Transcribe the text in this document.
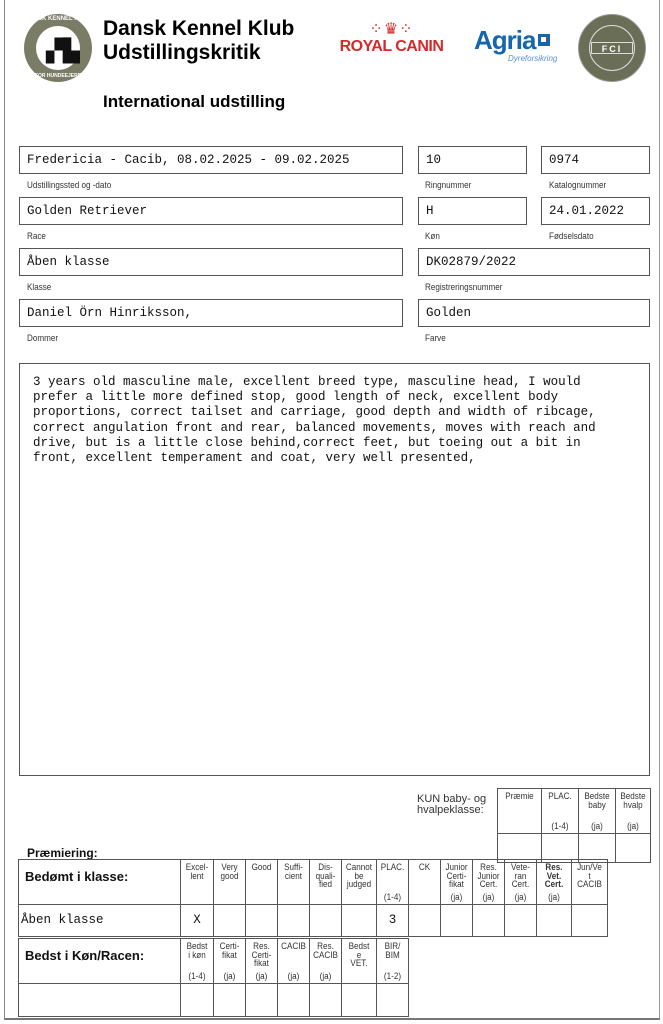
DANSK KENNEL KLUB
▞▙
FOR HUNDEEJERE
Dansk Kennel Klub
Udstillingskritik
International udstilling
⁘♛⁘
ROYAL CANIN Agria
Dyreforsikring
FCI
Fredericia - Cacib, 08.02.2025 - 09.02.2025
Udstillingssted og -dato
10
Ringnummer
0974
Katalognummer
Golden Retriever
Race
H
Køn
24.01.2022
Fødselsdato
Åben klasse
Klasse
DK02879/2022
Registreringsnummer
Daniel Örn Hinriksson,
Dommer
Golden
Farve
3 years old masculine male, excellent breed type, masculine head, I would
prefer a little more defined stop, good length of neck, excellent body
proportions, correct tailset and carriage, good depth and width of ribcage,
correct angulation front and rear, balanced movements, moves with reach and
drive, but is a little close behind,correct feet, but toeing out a bit in
front, excellent temperament and coat, very well presented,
KUN baby- og
hvalpeklasse:
Præmie	PLAC.
(1-4)	Bedste
baby
(ja)	Bedste
hvalp
(ja)

Præmiering:
Bedømt i klasse:	Excel-
lent	Very
good	Good	Suffi-
cient	Dis-
quali-
fied	Cannot
be
judged	PLAC.
(1-4)	CK	Junior
Certi-
fikat
(ja)	Res.
Junior
Cert.
(ja)	Vete-
ran
Cert.
(ja)	Res.
Vet.
Cert.
(ja)	Jun/Ve
t
CACIB

Åben klasse	X						3						
Bedst i Køn/Racen:	Bedst
i køn
(1-4)	Certi-
fikat
(ja)	Res.
Certi-
fikat
(ja)	CACIB
(ja)	Res.
CACIB
(ja)	Bedst
e
VET.	BIR/
BIM
(1-2)
